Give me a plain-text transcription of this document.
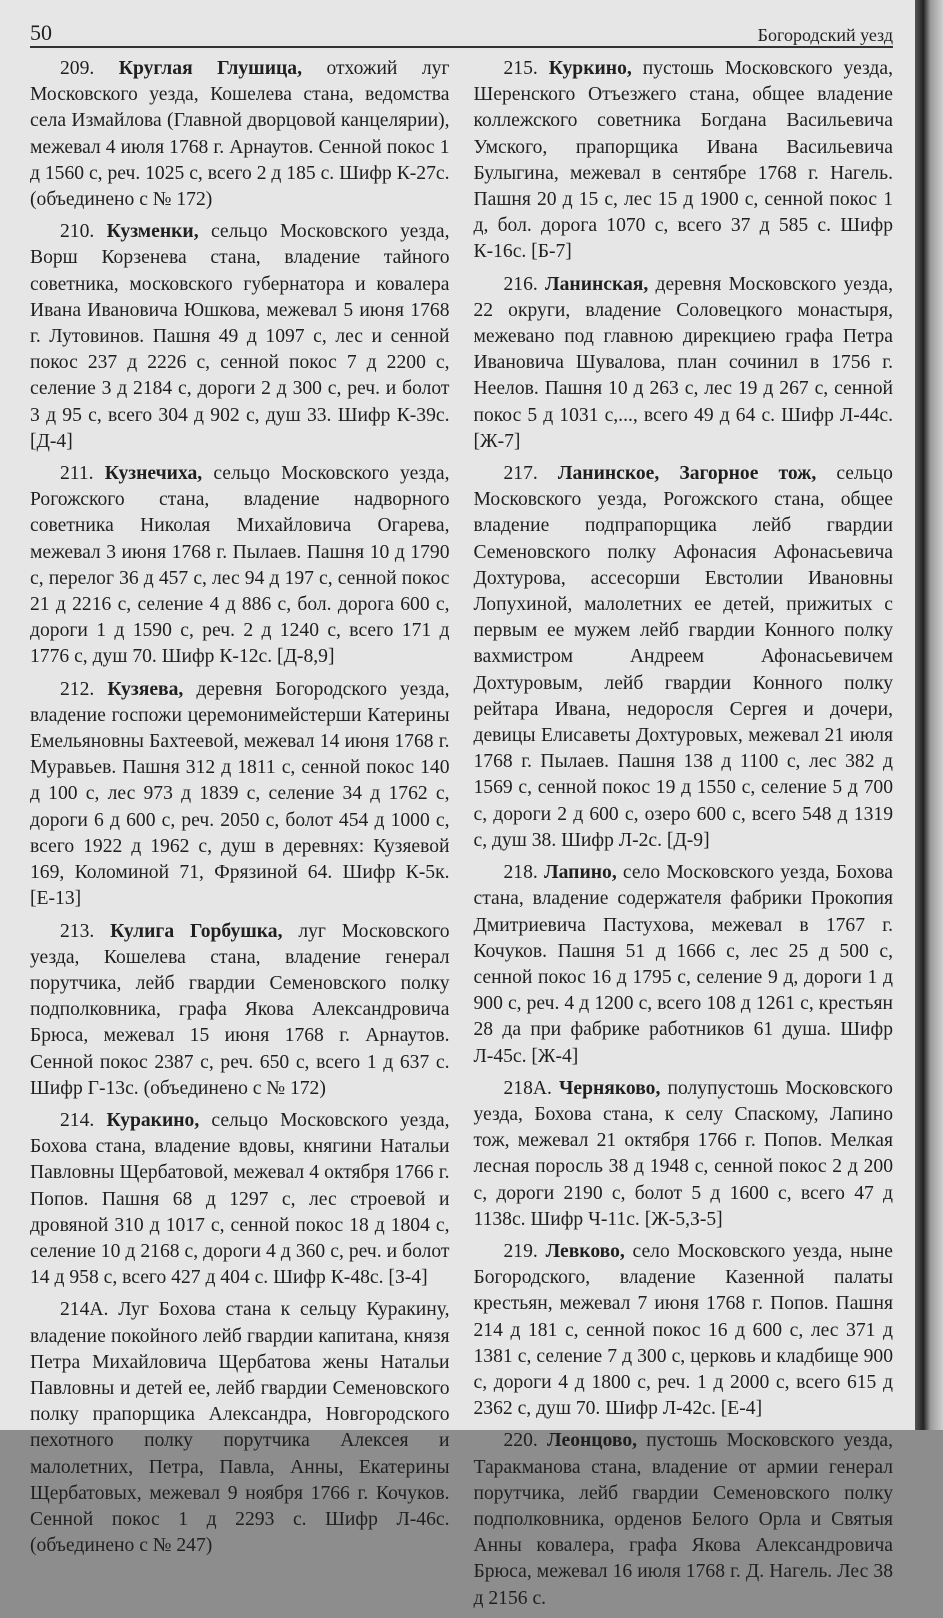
50	Богородский уезд

209. Круглая Глушица, отхожий луг Московского уезда, Кошелева стана, ведомства села Измайлова (Главной дворцовой канцелярии), межевал 4 июля 1768 г. Арнаутов. Сенной покос 1 д 1560 с, реч. 1025 с, всего 2 д 185 с. Шифр К-27с. (объединено с № 172)

210. Кузменки, сельцо Московского уезда, Ворш Корзенева стана, владение тайного советника, московского губернатора и ковалера Ивана Ивановича Юшкова, межевал 5 июня 1768 г. Лутовинов. Пашня 49 д 1097 с, лес и сенной покос 237 д 2226 с, сенной покос 7 д 2200 с, селение 3 д 2184 с, дороги 2 д 300 с, реч. и болот 3 д 95 с, всего 304 д 902 с, душ 33. Шифр К-39с. [Д-4]

211. Кузнечиха, сельцо Московского уезда, Рогожского стана, владение надворного советника Николая Михайловича Огарева, межевал 3 июня 1768 г. Пылаев. Пашня 10 д 1790 с, перелог 36 д 457 с, лес 94 д 197 с, сенной покос 21 д 2216 с, селение 4 д 886 с, бол. дорога 600 с, дороги 1 д 1590 с, реч. 2 д 1240 с, всего 171 д 1776 с, душ 70. Шифр К-12с. [Д-8,9]

212. Кузяева, деревня Богородского уезда, владение госпожи церемонимейстерши Катерины Емельяновны Бахтеевой, межевал 14 июня 1768 г. Муравьев. Пашня 312 д 1811 с, сенной покос 140 д 100 с, лес 973 д 1839 с, селение 34 д 1762 с, дороги 6 д 600 с, реч. 2050 с, болот 454 д 1000 с, всего 1922 д 1962 с, душ в деревнях: Кузяевой 169, Коломиной 71, Фрязиной 64. Шифр К-5к. [Е-13]

213. Кулига Горбушка, луг Московского уезда, Кошелева стана, владение генерал порутчика, лейб гвардии Семеновского полку подполковника, графа Якова Александровича Брюса, межевал 15 июня 1768 г. Арнаутов. Сенной покос 2387 с, реч. 650 с, всего 1 д 637 с. Шифр Г-13с. (объединено с № 172)

214. Куракино, сельцо Московского уезда, Бохова стана, владение вдовы, княгини Натальи Павловны Щербатовой, межевал 4 октября 1766 г. Попов. Пашня 68 д 1297 с, лес строевой и дровяной 310 д 1017 с, сенной покос 18 д 1804 с, селение 10 д 2168 с, дороги 4 д 360 с, реч. и болот 14 д 958 с, всего 427 д 404 с. Шифр К-48с. [З-4]

214А. Луг Бохова стана к сельцу Куракину, владение покойного лейб гвардии капитана, князя Петра Михайловича Щербатова жены Натальи Павловны и детей ее, лейб гвардии Семеновского полку прапорщика Александра, Новгородского пехотного полку порутчика Алексея и малолетних, Петра, Павла, Анны, Екатерины Щербатовых, межевал 9 ноября 1766 г. Кочуков. Сенной покос 1 д 2293 с. Шифр Л-46с. (объединено с № 247)

215. Куркино, пустошь Московского уезда, Шеренского Отъезжего стана, общее владение коллежского советника Богдана Васильевича Умского, прапорщика Ивана Васильевича Булыгина, межевал в сентябре 1768 г. Нагель. Пашня 20 д 15 с, лес 15 д 1900 с, сенной покос 1 д, бол. дорога 1070 с, всего 37 д 585 с. Шифр К-16с. [Б-7]

216. Ланинская, деревня Московского уезда, 22 округи, владение Соловецкого монастыря, межевано под главною дирекциею графа Петра Ивановича Шувалова, план сочинил в 1756 г. Неелов. Пашня 10 д 263 с, лес 19 д 267 с, сенной покос 5 д 1031 с,..., всего 49 д 64 с. Шифр Л-44с. [Ж-7]

217. Ланинское, Загорное тож, сельцо Московского уезда, Рогожского стана, общее владение подпрапорщика лейб гвардии Семеновского полку Афонасия Афонасьевича Дохтурова, ассесорши Евстолии Ивановны Лопухиной, малолетних ее детей, прижитых с первым ее мужем лейб гвардии Конного полку вахмистром Андреем Афонасьевичем Дохтуровым, лейб гвардии Конного полку рейтара Ивана, недоросля Сергея и дочери, девицы Елисаветы Дохтуровых, межевал 21 июля 1768 г. Пылаев. Пашня 138 д 1100 с, лес 382 д 1569 с, сенной покос 19 д 1550 с, селение 5 д 700 с, дороги 2 д 600 с, озеро 600 с, всего 548 д 1319 с, душ 38. Шифр Л-2с. [Д-9]

218. Лапино, село Московского уезда, Бохова стана, владение содержателя фабрики Прокопия Дмитриевича Пастухова, межевал в 1767 г. Кочуков. Пашня 51 д 1666 с, лес 25 д 500 с, сенной покос 16 д 1795 с, селение 9 д, дороги 1 д 900 с, реч. 4 д 1200 с, всего 108 д 1261 с, крестьян 28 да при фабрике работников 61 душа. Шифр Л-45с. [Ж-4]

218А. Черняково, полупустошь Московского уезда, Бохова стана, к селу Спаскому, Лапино тож, межевал 21 октября 1766 г. Попов. Мелкая лесная поросль 38 д 1948 с, сенной покос 2 д 200 с, дороги 2190 с, болот 5 д 1600 с, всего 47 д 1138с. Шифр Ч-11с. [Ж-5,З-5]

219. Левково, село Московского уезда, ныне Богородского, владение Казенной палаты крестьян, межевал 7 июня 1768 г. Попов. Пашня 214 д 181 с, сенной покос 16 д 600 с, лес 371 д 1381 с, селение 7 д 300 с, церковь и кладбище 900 с, дороги 4 д 1800 с, реч. 1 д 2000 с, всего 615 д 2362 с, душ 70. Шифр Л-42с. [Е-4]

220. Леонцово, пустошь Московского уезда, Таракманова стана, владение от армии генерал порутчика, лейб гвардии Семеновского полку подполковника, орденов Белого Орла и Святыя Анны ковалера, графа Якова Александровича Брюса, межевал 16 июля 1768 г. Д. Нагель. Лес 38 д 2156 с.
